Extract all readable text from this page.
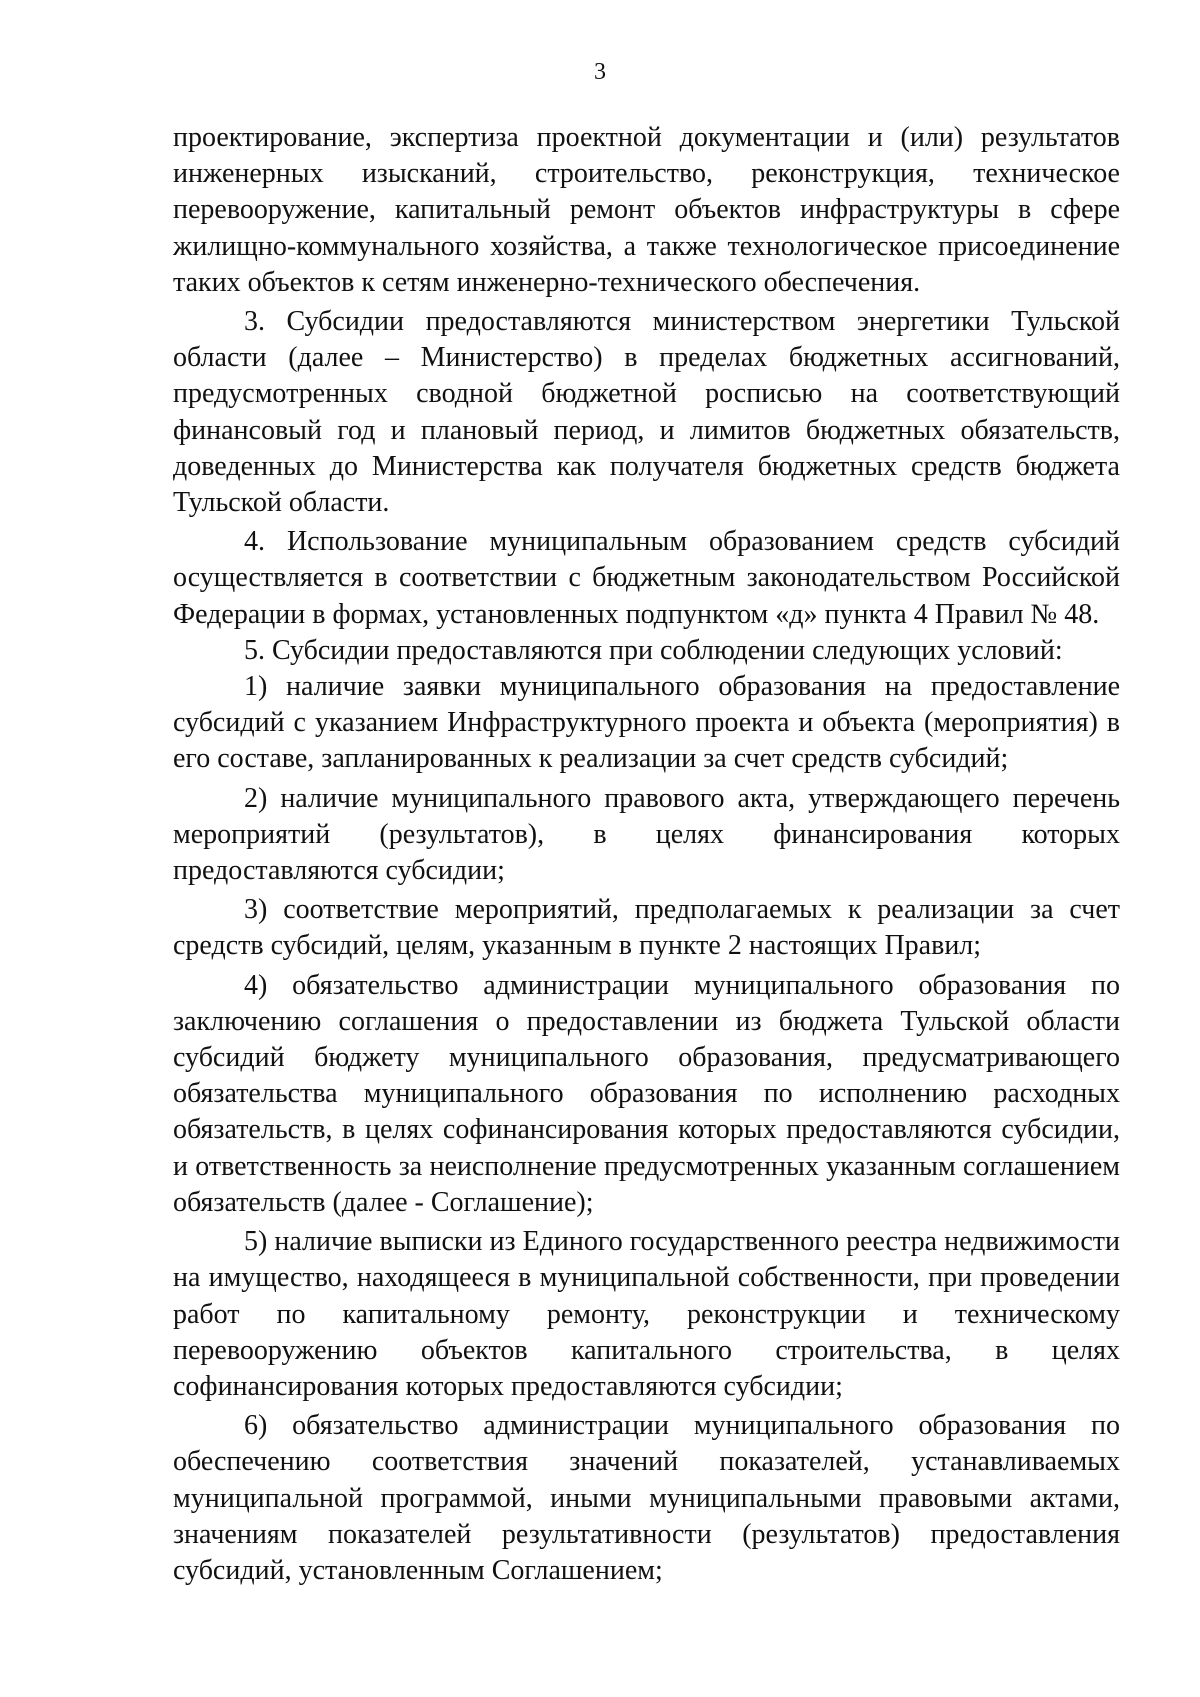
3

проектирование, экспертиза проектной документации и (или) результатов инженерных изысканий, строительство, реконструкция, техническое перевооружение, капитальный ремонт объектов инфраструктуры в сфере жилищно-коммунального хозяйства, а также технологическое присоединение таких объектов к сетям инженерно-технического обеспечения.

3. Субсидии предоставляются министерством энергетики Тульской области (далее – Министерство) в пределах бюджетных ассигнований, предусмотренных сводной бюджетной росписью на соответствующий финансовый год и плановый период, и лимитов бюджетных обязательств, доведенных до Министерства как получателя бюджетных средств бюджета Тульской области.

4. Использование муниципальным образованием средств субсидий осуществляется в соответствии с бюджетным законодательством Российской Федерации в формах, установленных подпунктом «д» пункта 4 Правил № 48.

5. Субсидии предоставляются при соблюдении следующих условий:

1) наличие заявки муниципального образования на предоставление субсидий с указанием Инфраструктурного проекта и объекта (мероприятия) в его составе, запланированных к реализации за счет средств субсидий;

2) наличие муниципального правового акта, утверждающего перечень мероприятий (результатов), в целях финансирования которых предоставляются субсидии;

3) соответствие мероприятий, предполагаемых к реализации за счет средств субсидий, целям, указанным в пункте 2 настоящих Правил;

4) обязательство администрации муниципального образования по заключению соглашения о предоставлении из бюджета Тульской области субсидий бюджету муниципального образования, предусматривающего обязательства муниципального образования по исполнению расходных обязательств, в целях софинансирования которых предоставляются субсидии, и ответственность за неисполнение предусмотренных указанным соглашением обязательств (далее - Соглашение);

5) наличие выписки из Единого государственного реестра недвижимости на имущество, находящееся в муниципальной собственности, при проведении работ по капитальному ремонту, реконструкции и техническому перевооружению объектов капитального строительства, в целях софинансирования которых предоставляются субсидии;

6) обязательство администрации муниципального образования по обеспечению соответствия значений показателей, устанавливаемых муниципальной программой, иными муниципальными правовыми актами, значениям показателей результативности (результатов) предоставления субсидий, установленным Соглашением;
